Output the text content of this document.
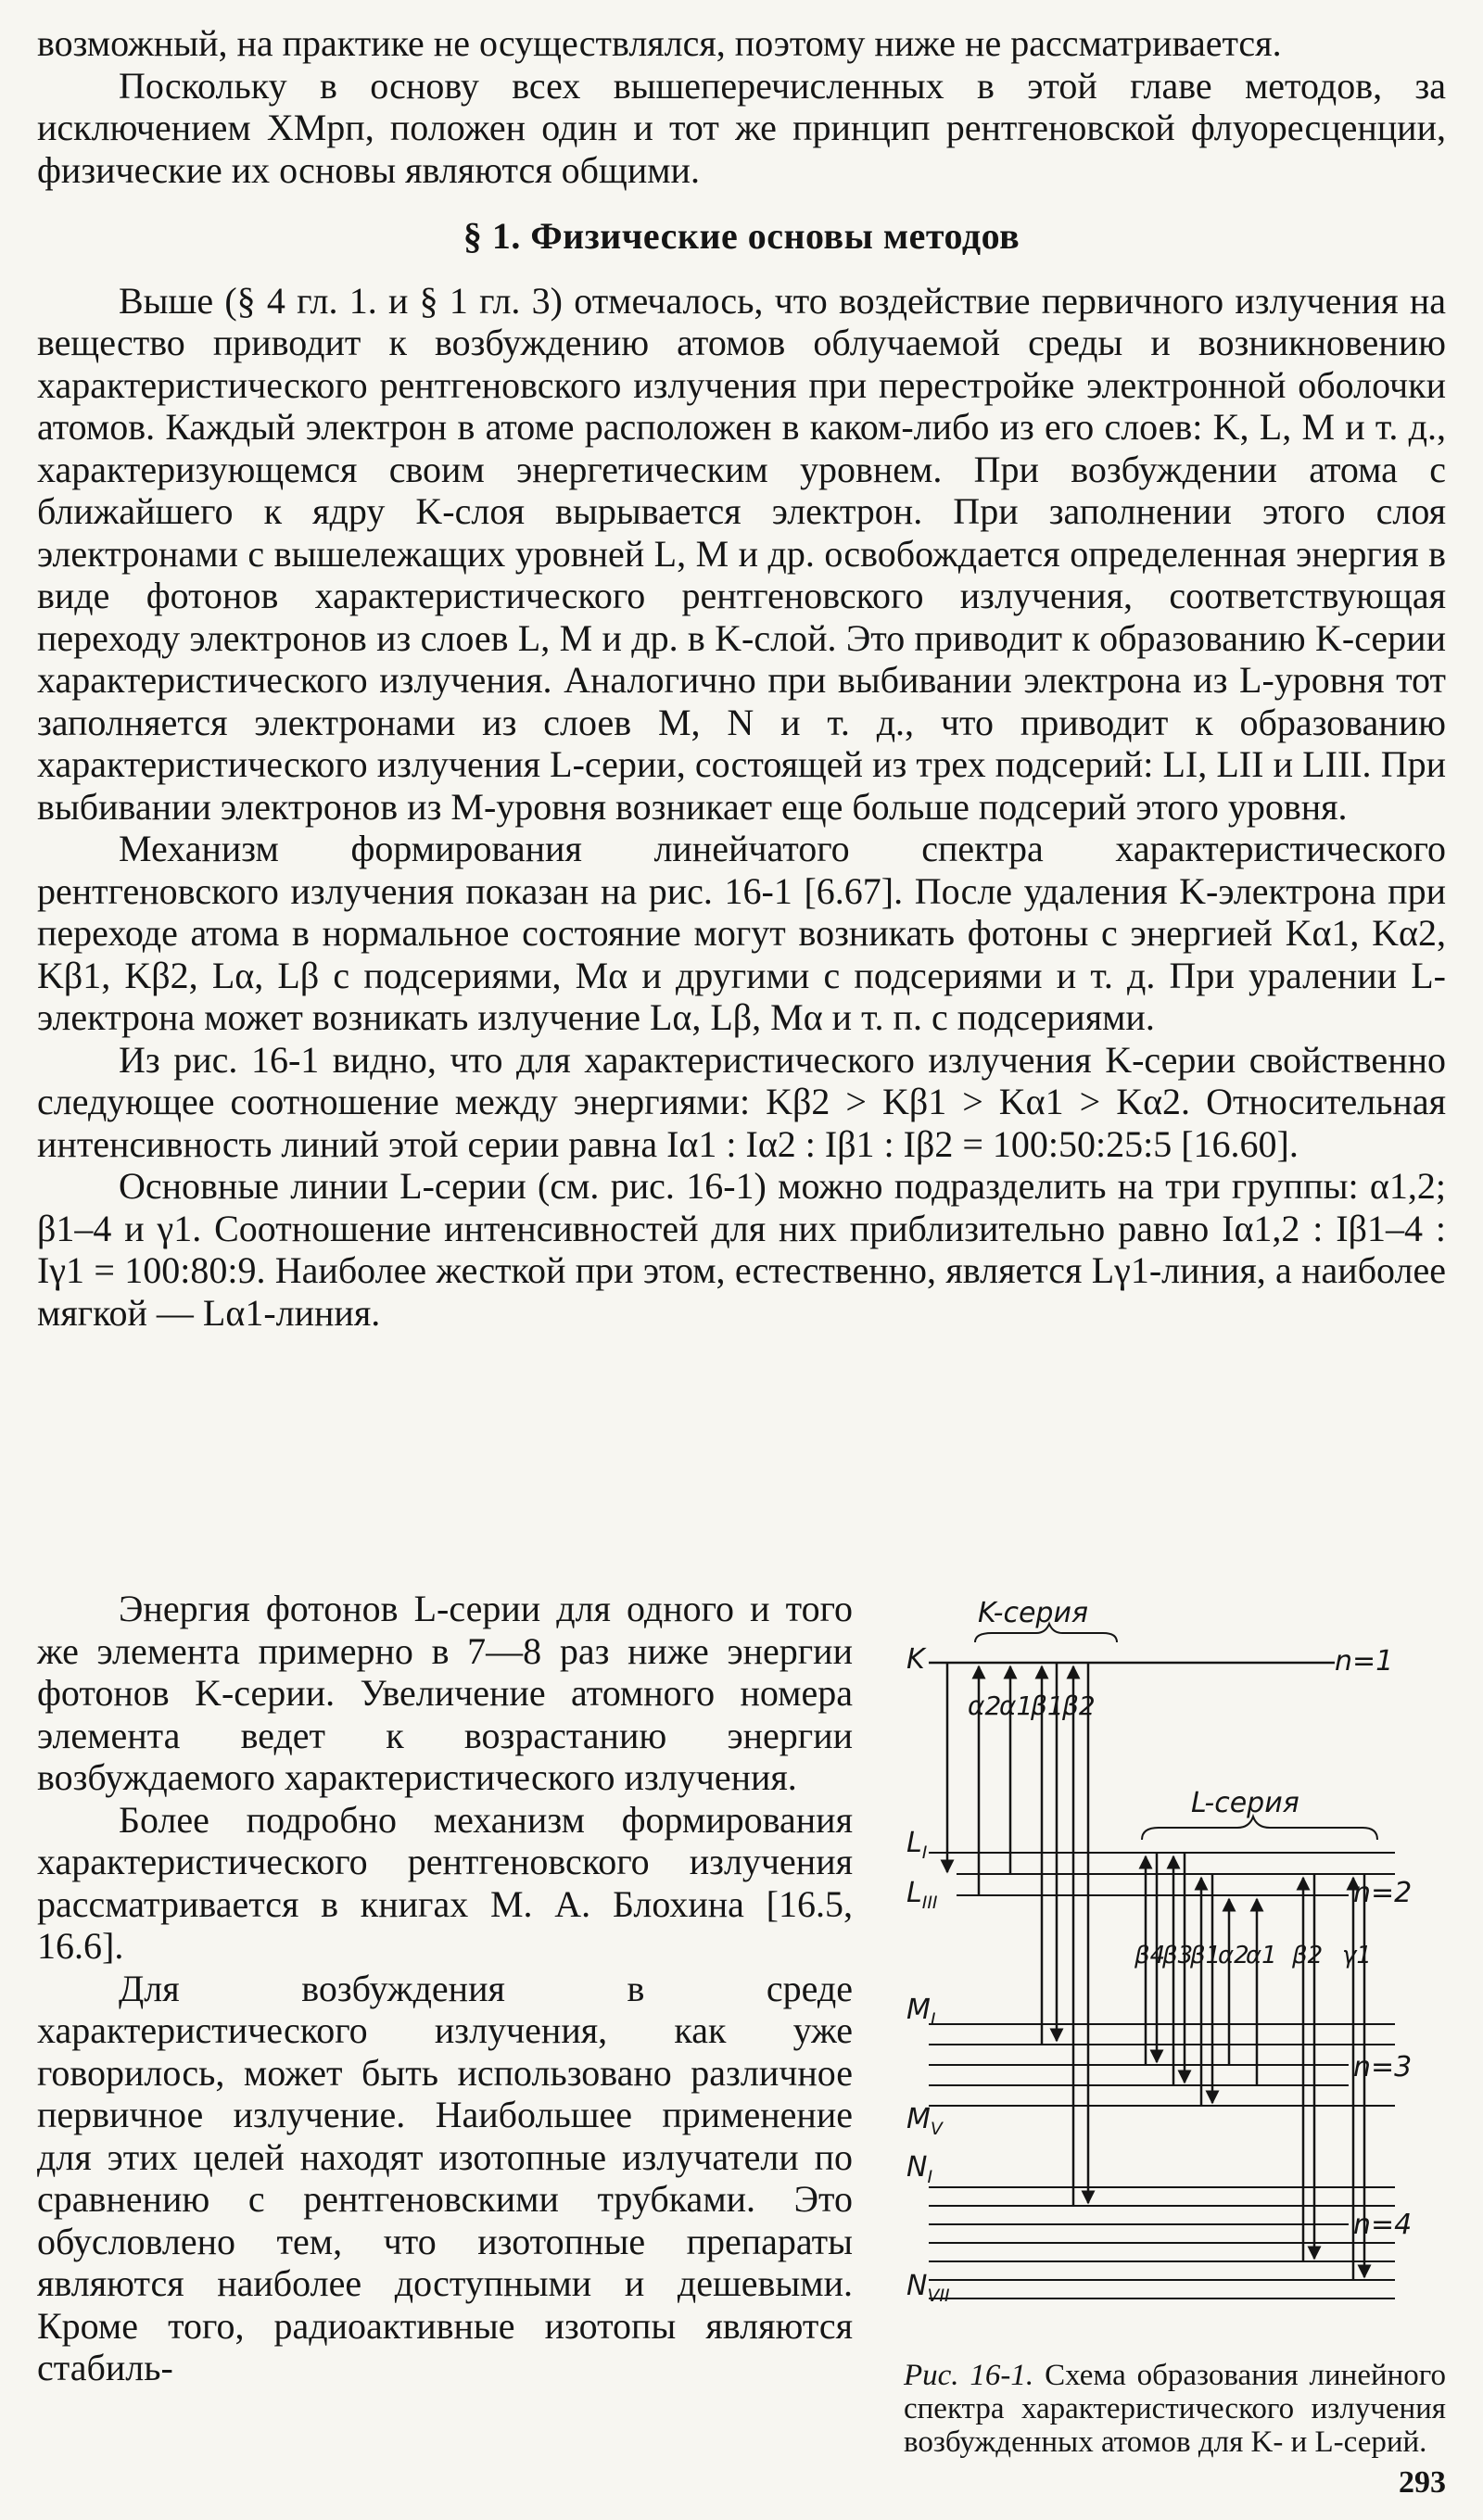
возможный, на практике не осуществлялся, поэтому ниже не рассматривается.

Поскольку в основу всех вышеперечисленных в этой главе методов, за исключением ХМрп, положен один и тот же принцип рентгеновской флуоресценции, физические их основы являются общими.

§ 1. Физические основы методов

Выше (§ 4 гл. 1. и § 1 гл. 3) отмечалось, что воздействие первичного излучения на вещество приводит к возбуждению атомов облучаемой среды и возникновению характеристического рентгеновского излучения при перестройке электронной оболочки атомов. Каждый электрон в атоме расположен в каком-либо из его слоев: K, L, M и т. д., характеризующемся своим энергетическим уровнем. При возбуждении атома с ближайшего к ядру K-слоя вырывается электрон. При заполнении этого слоя электронами с вышележащих уровней L, M и др. освобождается определенная энергия в виде фотонов характеристического рентгеновского излучения, соответствующая переходу электронов из слоев L, M и др. в K-слой. Это приводит к образованию K-серии характеристического излучения. Аналогично при выбивании электрона из L-уровня тот заполняется электронами из слоев M, N и т. д., что приводит к образованию характеристического излучения L-серии, состоящей из трех подсерий: LI, LII и LIII. При выбивании электронов из M-уровня возникает еще больше подсерий этого уровня.

Механизм формирования линейчатого спектра характеристического рентгеновского излучения показан на рис. 16-1 [6.67]. После удаления K-электрона при переходе атома в нормальное состояние могут возникать фотоны с энергией Kα1, Kα2, Kβ1, Kβ2, Lα, Lβ с подсериями, Mα и другими с подсериями и т. д. При уралении L-электрона может возникать излучение Lα, Lβ, Mα и т. п. с подсериями.

Из рис. 16-1 видно, что для характеристического излучения K-серии свойственно следующее соотношение между энергиями: Kβ2 > Kβ1 > Kα1 > Kα2. Относительная интенсивность линий этой серии равна Iα1 : Iα2 : Iβ1 : Iβ2 = 100:50:25:5 [16.60].

Основные линии L-серии (см. рис. 16-1) можно подразделить на три группы: α1,2; β1–4 и γ1. Соотношение интенсивностей для них приблизительно равно Iα1,2 : Iβ1–4 : Iγ1 = 100:80:9. Наиболее жесткой при этом, естественно, является Lγ1-линия, а наиболее мягкой — Lα1-линия.

Энергия фотонов L-серии для одного и того же элемента примерно в 7—8 раз ниже энергии фотонов K-серии. Увеличение атомного номера элемента ведет к возрастанию энергии возбуждаемого характеристического излучения.

Более подробно механизм формирования характеристического рентгеновского излучения рассматривается в книгах М. А. Блохина [16.5, 16.6].

Для возбуждения в среде характеристического излучения, как уже говорилось, может быть использовано различное первичное излучение. Наибольшее применение для этих целей находят изотопные излучатели по сравнению с рентгеновскими трубками. Это обусловлено тем, что изотопные препараты являются наиболее доступными и дешевыми. Кроме того, радиоактивные изотопы являются стабиль-

K-серия
L-серия
K
$L_I$
$L_{III}$
$M_I$
$M_V$
$N_I$
$N_{VII}$
n=1
n=2
n=3
n=4
α2
α1
β1
β2
β4
β3
β1
α2
α1 β2 γ1
Рис. 16-1. Схема образования линейного спектра характеристического излучения возбужденных атомов для K- и L-серий.
293
